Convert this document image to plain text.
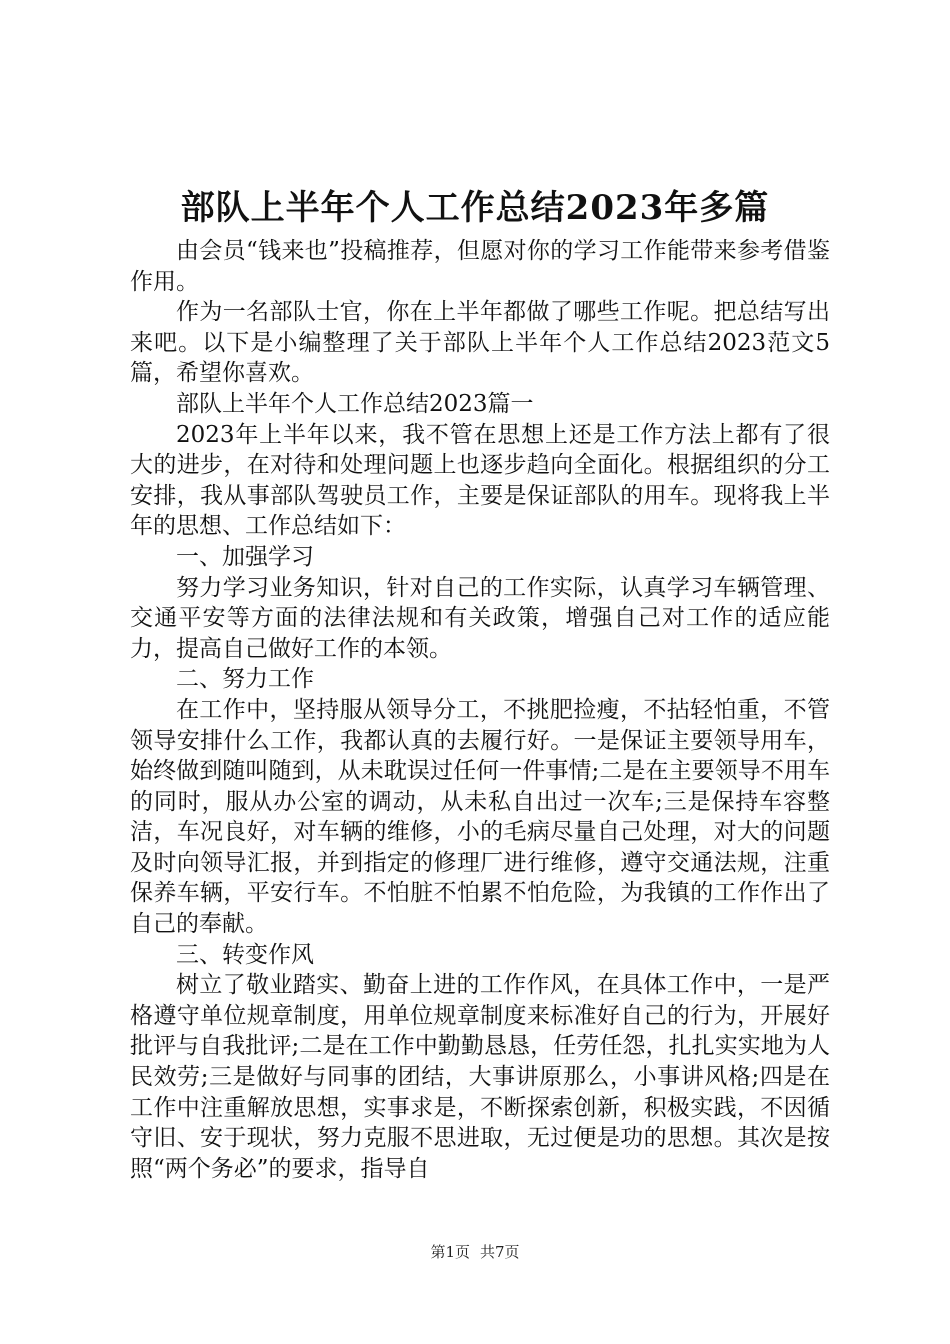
部队上半年个人工作总结2023年多篇

由会员“钱来也”投稿推荐，但愿对你的学习工作能带来参考借鉴作用。

作为一名部队士官，你在上半年都做了哪些工作呢。把总结写出来吧。以下是小编整理了关于部队上半年个人工作总结2023范文5篇，希望你喜欢。

部队上半年个人工作总结2023篇一

2023年上半年以来，我不管在思想上还是工作方法上都有了很大的进步，在对待和处理问题上也逐步趋向全面化。根据组织的分工安排，我从事部队驾驶员工作，主要是保证部队的用车。现将我上半年的思想、工作总结如下：

一、加强学习

努力学习业务知识，针对自己的工作实际，认真学习车辆管理、交通平安等方面的法律法规和有关政策，增强自己对工作的适应能力，提高自己做好工作的本领。

二、努力工作

在工作中，坚持服从领导分工，不挑肥捡瘦，不拈轻怕重，不管领导安排什么工作，我都认真的去履行好。一是保证主要领导用车，始终做到随叫随到，从未耽误过任何一件事情;二是在主要领导不用车的同时，服从办公室的调动，从未私自出过一次车;三是保持车容整洁，车况良好，对车辆的维修，小的毛病尽量自己处理，对大的问题及时向领导汇报，并到指定的修理厂进行维修，遵守交通法规，注重保养车辆，平安行车。不怕脏不怕累不怕危险，为我镇的工作作出了自己的奉献。

三、转变作风

树立了敬业踏实、勤奋上进的工作作风，在具体工作中，一是严格遵守单位规章制度，用单位规章制度来标准好自己的行为，开展好批评与自我批评;二是在工作中勤勤恳恳，任劳任怨，扎扎实实地为人民效劳;三是做好与同事的团结，大事讲原那么，小事讲风格;四是在工作中注重解放思想，实事求是，不断探索创新，积极实践，不因循守旧、安于现状，努力克服不思进取，无过便是功的思想。其次是按照“两个务必”的要求，指导自

第1页 共7页
